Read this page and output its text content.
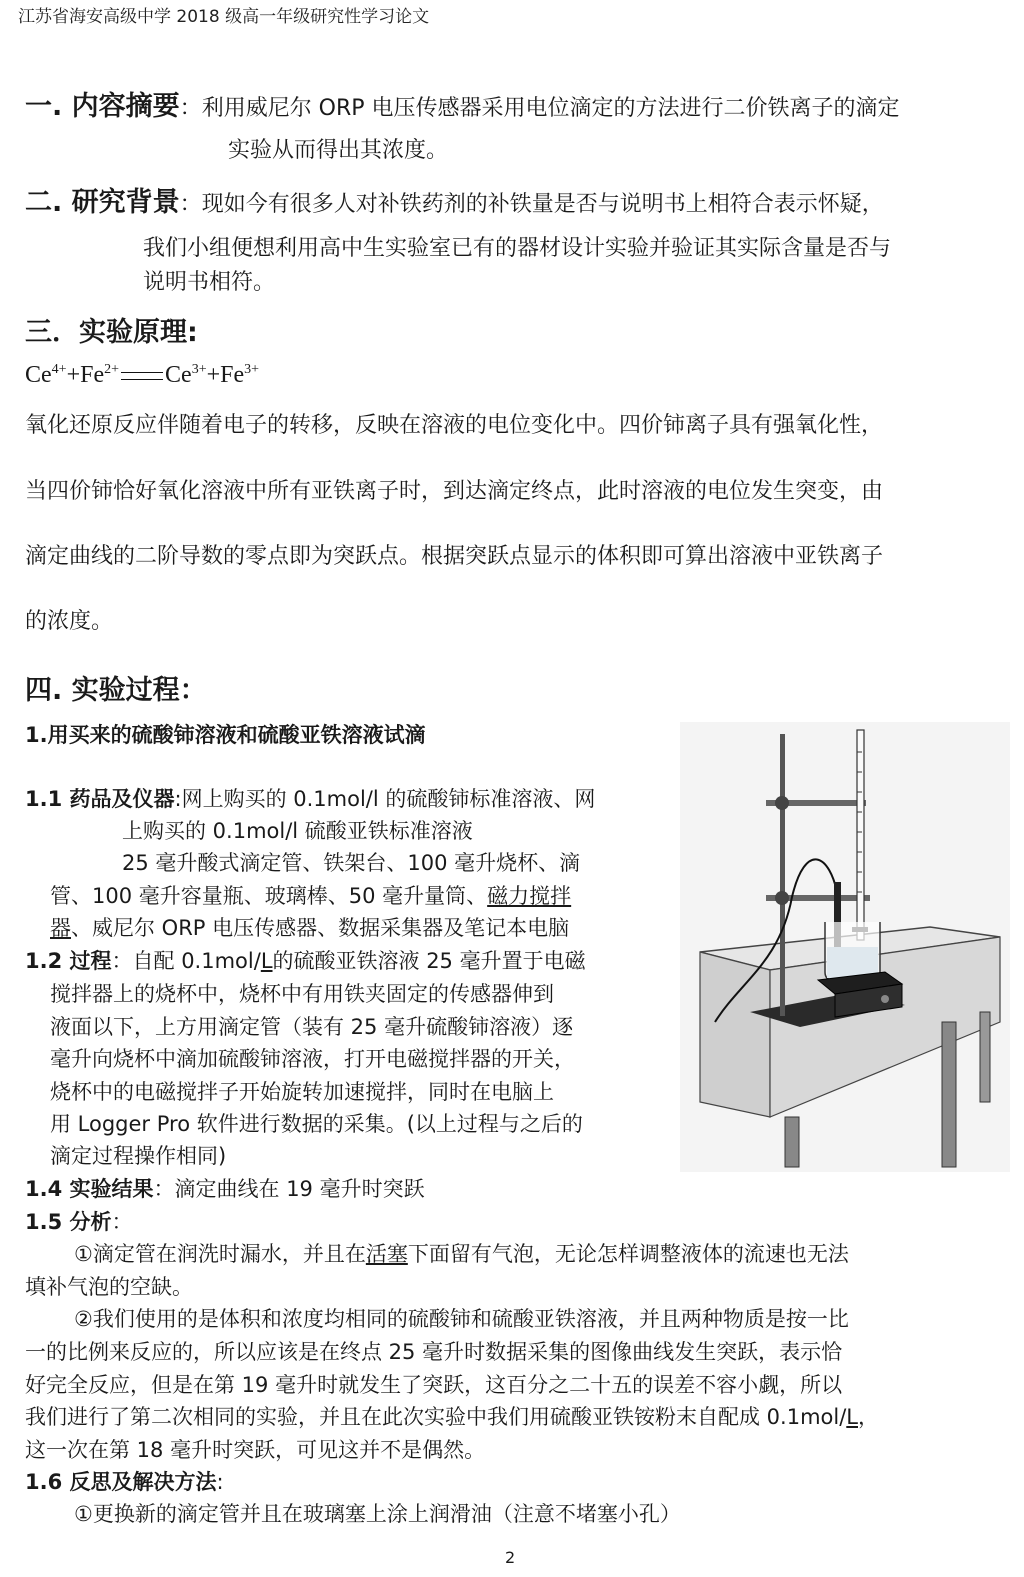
江苏省海安高级中学 2018 级高一年级研究性学习论文
一. 内容摘要：利用威尼尔 ORP 电压传感器采用电位滴定的方法进行二价铁离子的滴定
实验从而得出其浓度。
二. 研究背景：现如今有很多人对补铁药剂的补铁量是否与说明书上相符合表示怀疑，
我们小组便想利用高中生实验室已有的器材设计实验并验证其实际含量是否与
说明书相符。
三．实验原理:
$Ce^{4+}+Fe^{2+}$ $Ce^{3+}+Fe^{3+}$
氧化还原反应伴随着电子的转移，反映在溶液的电位变化中。四价铈离子具有强氧化性，
当四价铈恰好氧化溶液中所有亚铁离子时，到达滴定终点，此时溶液的电位发生突变，由
滴定曲线的二阶导数的零点即为突跃点。根据突跃点显示的体积即可算出溶液中亚铁离子
的浓度。
四. 实验过程：
1.用买来的硫酸铈溶液和硫酸亚铁溶液试滴
1.1 药品及仪器:网上购买的 0.1mol/l 的硫酸铈标准溶液、网
上购买的 0.1mol/l 硫酸亚铁标准溶液
25 毫升酸式滴定管、铁架台、100 毫升烧杯、滴
管、100 毫升容量瓶、玻璃棒、50 毫升量筒、磁力搅拌
器、威尼尔 ORP 电压传感器、数据采集器及笔记本电脑
1.2 过程：自配 0.1mol/L的硫酸亚铁溶液 25 毫升置于电磁
搅拌器上的烧杯中，烧杯中有用铁夹固定的传感器伸到
液面以下，上方用滴定管（装有 25 毫升硫酸铈溶液）逐
毫升向烧杯中滴加硫酸铈溶液，打开电磁搅拌器的开关，
烧杯中的电磁搅拌子开始旋转加速搅拌，同时在电脑上
用 Logger Pro 软件进行数据的采集。(以上过程与之后的
滴定过程操作相同)
1.4 实验结果：滴定曲线在 19 毫升时突跃
1.5 分析：
①滴定管在润洗时漏水，并且在活塞下面留有气泡，无论怎样调整液体的流速也无法
填补气泡的空缺。
②我们使用的是体积和浓度均相同的硫酸铈和硫酸亚铁溶液，并且两种物质是按一比
一的比例来反应的，所以应该是在终点 25 毫升时数据采集的图像曲线发生突跃，表示恰
好完全反应，但是在第 19 毫升时就发生了突跃，这百分之二十五的误差不容小觑，所以
我们进行了第二次相同的实验，并且在此次实验中我们用硫酸亚铁铵粉末自配成 0.1mol/L，
这一次在第 18 毫升时突跃，可见这并不是偶然。
1.6 反思及解决方法:
①更换新的滴定管并且在玻璃塞上涂上润滑油（注意不堵塞小孔）
2
